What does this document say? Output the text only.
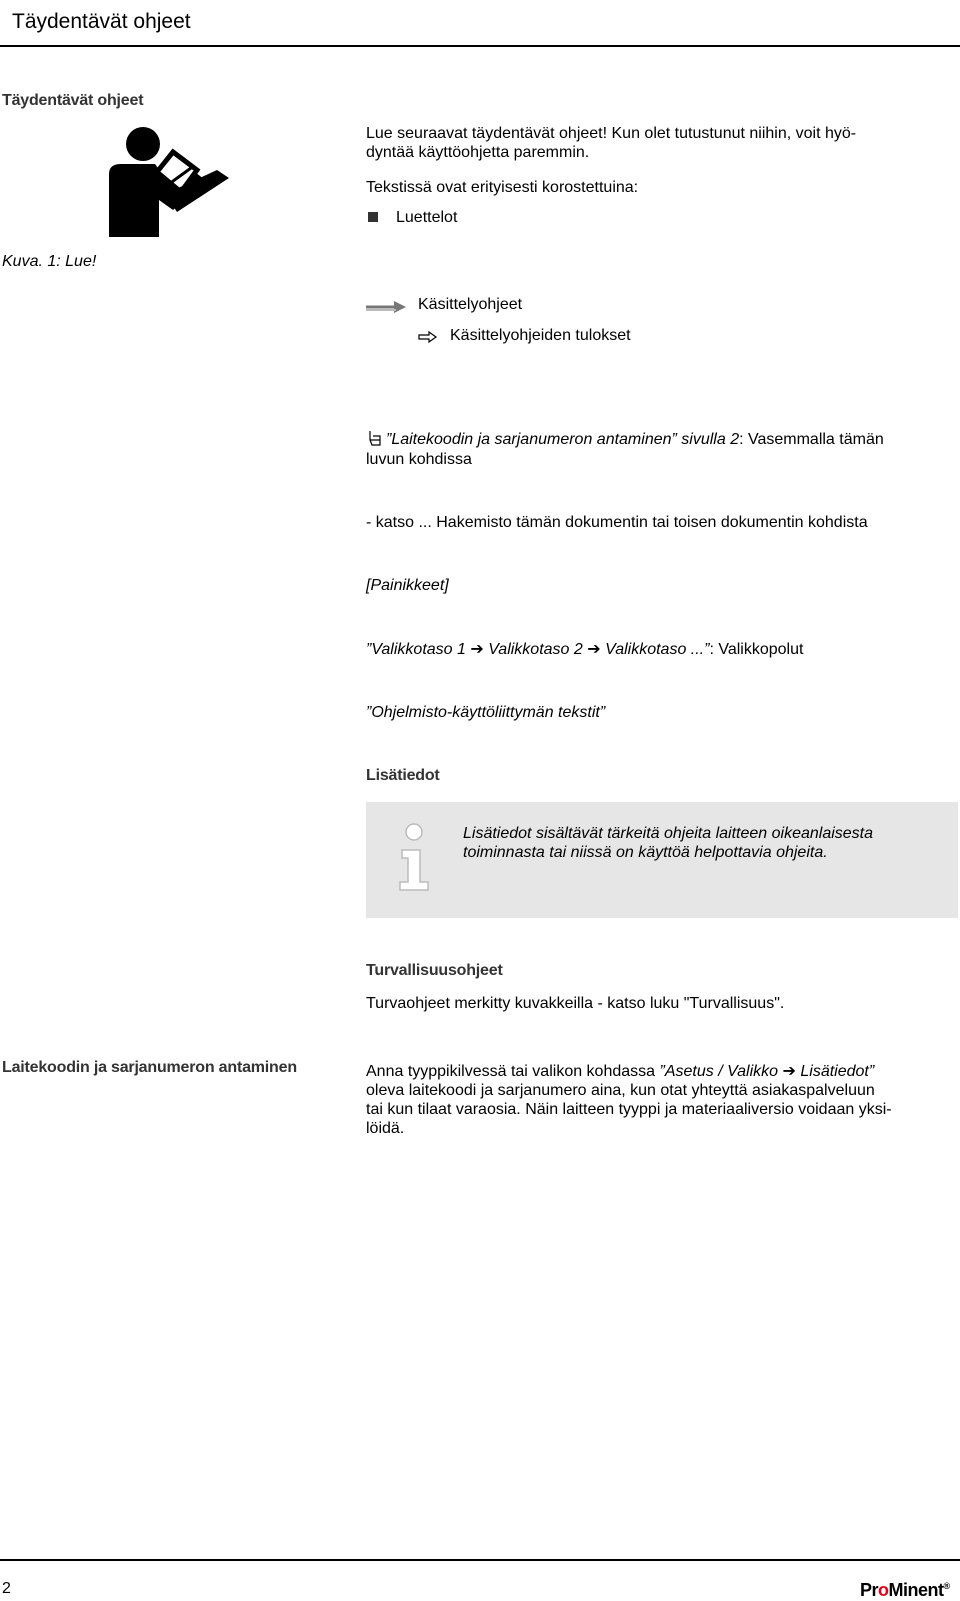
Täydentävät ohjeet
Täydentävät ohjeet
Lue seuraavat täydentävät ohjeet! Kun olet tutustunut niihin, voit hyö-
dyntää käyttöohjetta paremmin.
Tekstissä ovat erityisesti korostettuina:
Luettelot
Kuva. 1: Lue!
Käsittelyohjeet
Käsittelyohjeiden tulokset
”Laitekoodin ja sarjanumeron antaminen” sivulla 2: Vasemmalla tämän
luvun kohdissa
- katso ... Hakemisto tämän dokumentin tai toisen dokumentin kohdista
[Painikkeet]
”Valikkotaso 1 ➔ Valikkotaso 2 ➔ Valikkotaso ...”: Valikkopolut
”Ohjelmisto-käyttöliittymän tekstit”
Lisätiedot
Lisätiedot sisältävät tärkeitä ohjeita laitteen oikeanlaisesta
toiminnasta tai niissä on käyttöä helpottavia ohjeita.
Turvallisuusohjeet
Turvaohjeet merkitty kuvakkeilla - katso luku "Turvallisuus".
Laitekoodin ja sarjanumeron antaminen	Anna tyyppikilvessä tai valikon kohdassa ”Asetus / Valikko ➔ Lisätiedot”
oleva laitekoodi ja sarjanumero aina, kun otat yhteyttä asiakaspalveluun
tai kun tilaat varaosia. Näin laitteen tyyppi ja materiaaliversio voidaan yksi-
löidä.
2	ProMinent®
